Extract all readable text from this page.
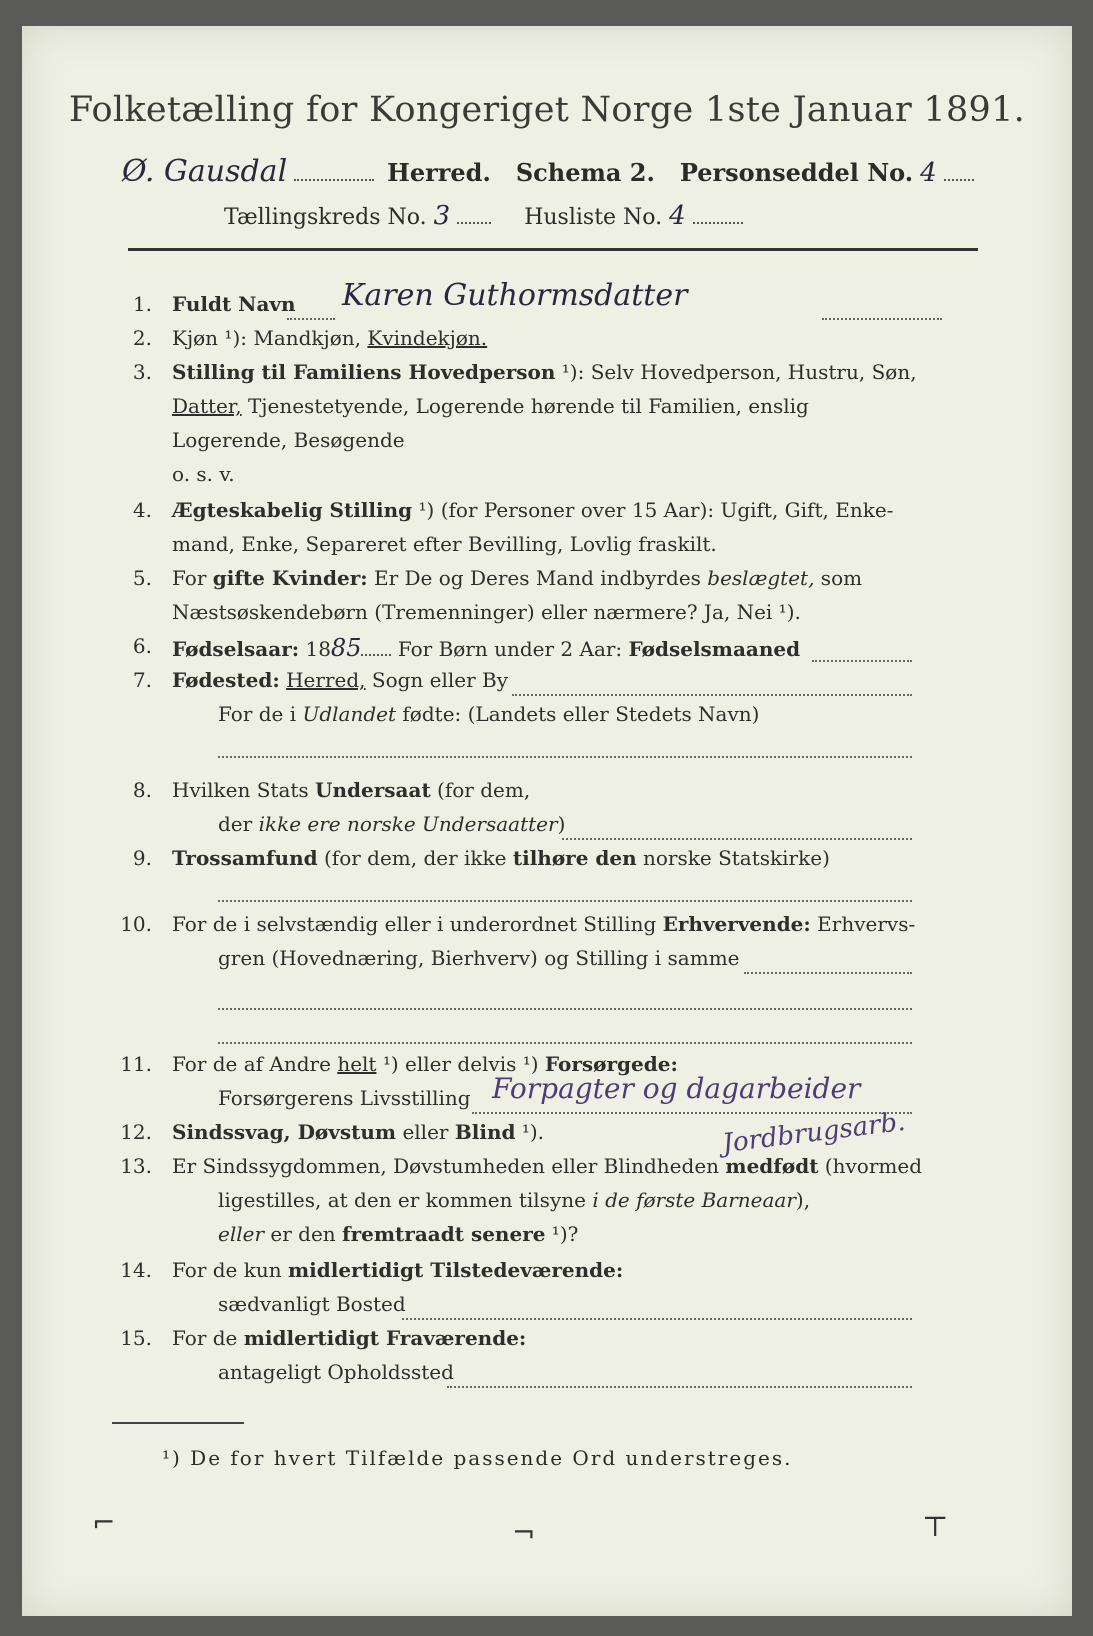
Folketælling for Kongeriget Norge 1ste Januar 1891.
Ø. Gausdal	Herred. Schema 2. Personseddel No. 4
Tællingskreds No. 3	Husliste No. 4
1. Fuldt Navn Karen Guthormsdatter
2. Kjøn ¹): Mandkjøn, Kvindekjøn.
3. Stilling til Familiens Hovedperson ¹): Selv Hovedperson, Hustru, Søn,
Datter, Tjenestetyende, Logerende hørende til Familien, enslig
Logerende, Besøgende
o. s. v.
4. Ægteskabelig Stilling ¹) (for Personer over 15 Aar): Ugift, Gift, Enke-
mand, Enke, Separeret efter Bevilling, Lovlig fraskilt.
5. For gifte Kvinder: Er De og Deres Mand indbyrdes beslægtet, som
Næstsøskendebørn (Tremenninger) eller nærmere? Ja, Nei ¹).
6. Fødselsaar: 1885 For Børn under 2 Aar: Fødselsmaaned
7. Fødested: Herred, Sogn eller By
For de i Udlandet fødte: (Landets eller Stedets Navn)
8. Hvilken Stats Undersaat (for dem,
der ikke ere norske Undersaatter)
9. Trossamfund (for dem, der ikke tilhøre den norske Statskirke)
10. For de i selvstændig eller i underordnet Stilling Erhvervende: Erhvervs-
gren (Hovednæring, Bierhverv) og Stilling i samme
11. For de af Andre helt ¹) eller delvis ¹) Forsørgede:
Forsørgerens Livsstilling Forpagter og dagarbeider
Jordbrugsarb.
12. Sindssvag, Døvstum eller Blind ¹).
13. Er Sindssygdommen, Døvstumheden eller Blindheden medfødt (hvormed
ligestilles, at den er kommen tilsyne i de første Barneaar),
eller er den fremtraadt senere ¹)?
14. For de kun midlertidigt Tilstedeværende:
sædvanligt Bosted
15. For de midlertidigt Fraværende:
antageligt Opholdssted
¹) De for hvert Tilfælde passende Ord understreges.
⌐	¬	⊤
